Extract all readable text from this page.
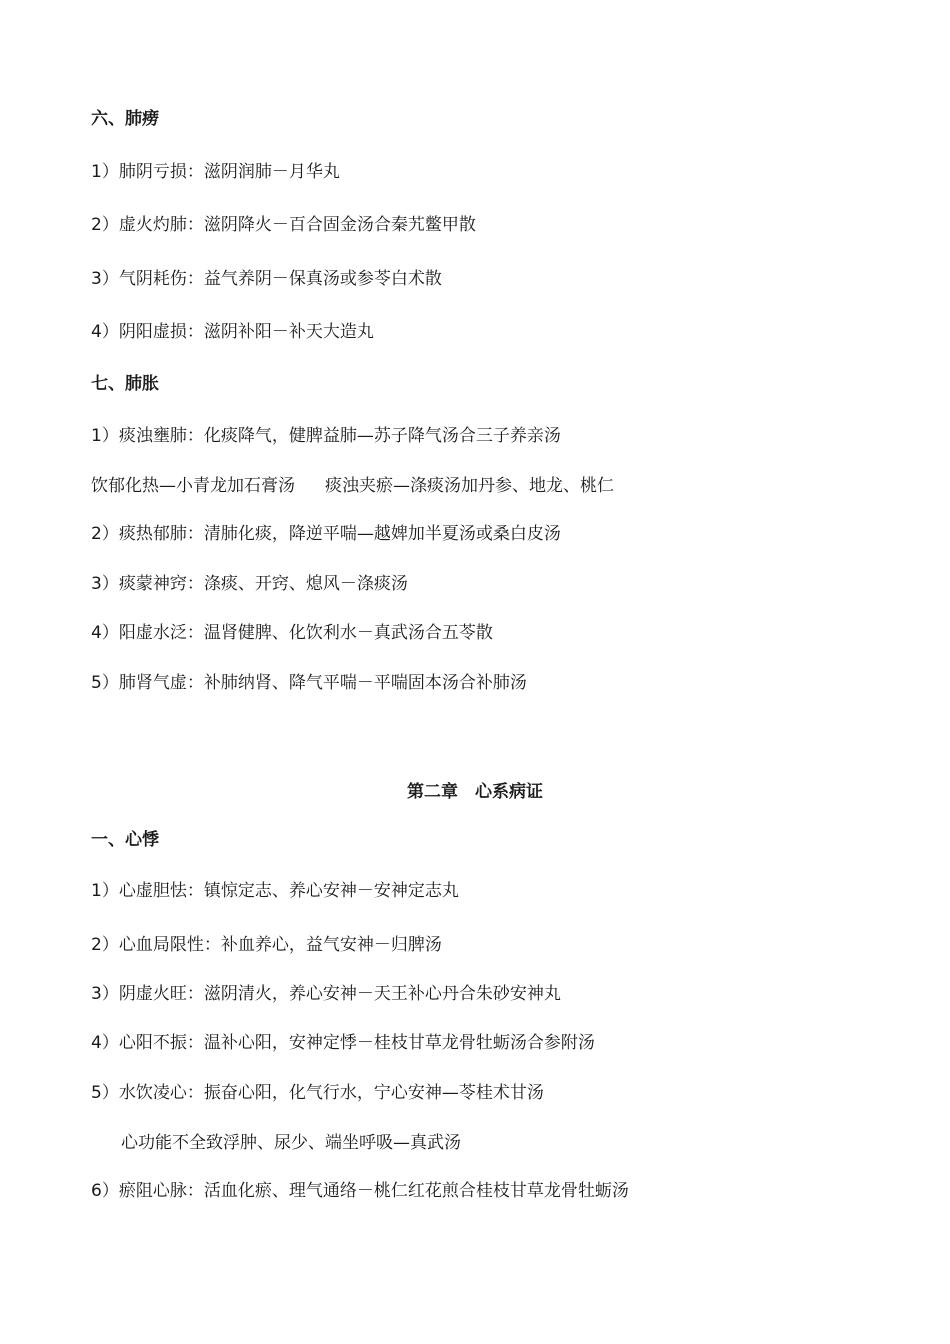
六、肺痨
1）肺阴亏损：滋阴润肺－月华丸
2）虚火灼肺：滋阴降火－百合固金汤合秦艽鳖甲散
3）气阴耗伤：益气养阴－保真汤或参苓白术散
4）阴阳虚损：滋阴补阳－补天大造丸
七、肺胀
1）痰浊壅肺：化痰降气，健脾益肺—苏子降气汤合三子养亲汤
饮郁化热—小青龙加石膏汤 痰浊夹瘀—涤痰汤加丹参、地龙、桃仁
2）痰热郁肺：清肺化痰，降逆平喘—越婢加半夏汤或桑白皮汤
3）痰蒙神窍：涤痰、开窍、熄风－涤痰汤
4）阳虚水泛：温肾健脾、化饮利水－真武汤合五苓散
5）肺肾气虚：补肺纳肾、降气平喘－平喘固本汤合补肺汤
第二章　心系病证
一、心悸
1）心虚胆怯：镇惊定志、养心安神－安神定志丸
2）心血局限性：补血养心，益气安神－归脾汤
3）阴虚火旺：滋阴清火，养心安神－天王补心丹合朱砂安神丸
4）心阳不振：温补心阳，安神定悸－桂枝甘草龙骨牡蛎汤合参附汤
5）水饮凌心：振奋心阳，化气行水，宁心安神—苓桂术甘汤
心功能不全致浮肿、尿少、端坐呼吸—真武汤
6）瘀阻心脉：活血化瘀、理气通络－桃仁红花煎合桂枝甘草龙骨牡蛎汤
